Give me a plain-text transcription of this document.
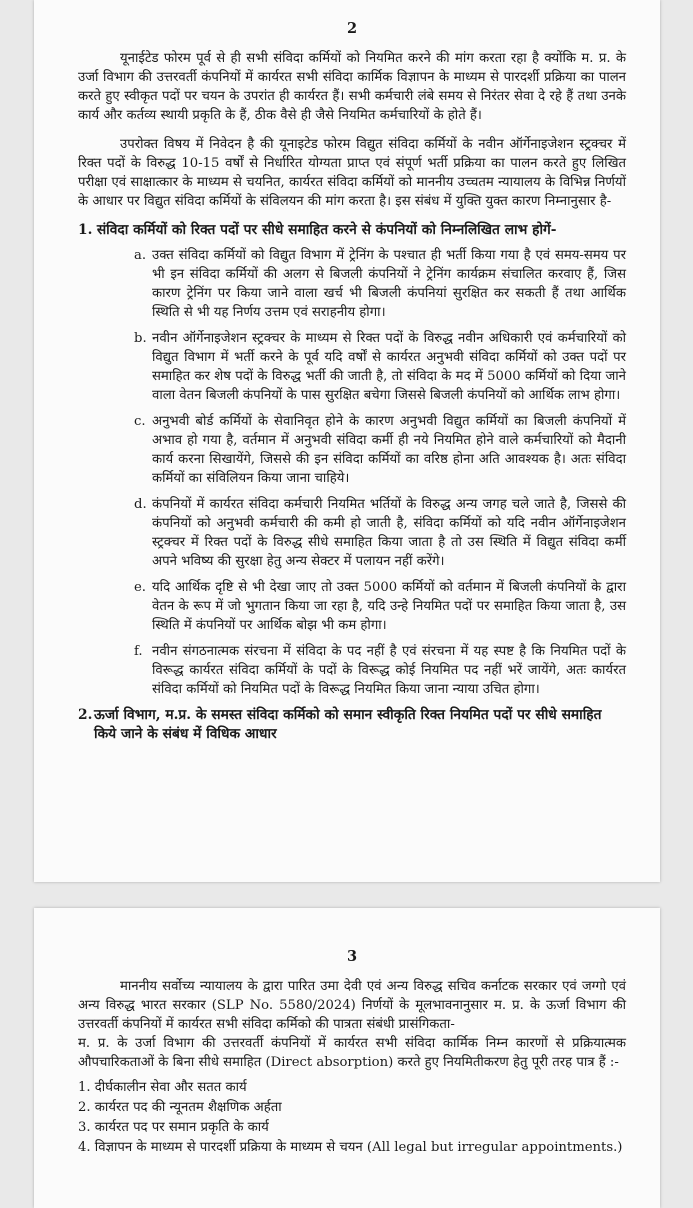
2

यूनाईटेड फोरम पूर्व से ही सभी संविदा कर्मियों को नियमित करने की मांग करता रहा है क्योंकि म. प्र. के उर्जा विभाग की उत्तरवर्ती कंपनियों में कार्यरत सभी संविदा कार्मिक विज्ञापन के माध्यम से पारदर्शी प्रक्रिया का पालन करते हुए स्वीकृत पदों पर चयन के उपरांत ही कार्यरत हैं। सभी कर्मचारी लंबे समय से निरंतर सेवा दे रहे हैं तथा उनके कार्य और कर्तव्य स्थायी प्रकृति के हैं, ठीक वैसे ही जैसे नियमित कर्मचारियों के होते हैं।

उपरोक्त विषय में निवेदन है की यूनाइटेड फोरम विद्युत संविदा कर्मियों के नवीन ऑर्गेनाइजेशन स्ट्रक्चर में रिक्त पदों के विरुद्ध 10-15 वर्षों से निर्धारित योग्यता प्राप्त एवं संपूर्ण भर्ती प्रक्रिया का पालन करते हुए लिखित परीक्षा एवं साक्षात्कार के माध्यम से चयनित, कार्यरत संविदा कर्मियों को माननीय उच्चतम न्यायालय के विभिन्न निर्णयों के आधार पर विद्युत संविदा कर्मियों के संविलयन की मांग करता है। इस संबंध में युक्ति युक्त कारण निम्नानुसार है-

1. संविदा कर्मियों को रिक्त पदों पर सीधे समाहित करने से कंपनियों को निम्नलिखित लाभ होगें-
a. उक्त संविदा कर्मियों को विद्युत विभाग में ट्रेनिंग के पश्चात ही भर्ती किया गया है एवं समय-समय पर भी इन संविदा कर्मियों की अलग से बिजली कंपनियों ने ट्रेनिंग कार्यक्रम संचालित करवाए हैं, जिस कारण ट्रेनिंग पर किया जाने वाला खर्च भी बिजली कंपनियां सुरक्षित कर सकती हैं तथा आर्थिक स्थिति से भी यह निर्णय उत्तम एवं सराहनीय होगा।

b. नवीन ऑर्गेनाइजेशन स्ट्रक्चर के माध्यम से रिक्त पदों के विरुद्ध नवीन अधिकारी एवं कर्मचारियों को विद्युत विभाग में भर्ती करने के पूर्व यदि वर्षों से कार्यरत अनुभवी संविदा कर्मियों को उक्त पदों पर समाहित कर शेष पदों के विरुद्ध भर्ती की जाती है, तो संविदा के मद में 5000 कर्मियों को दिया जाने वाला वेतन बिजली कंपनियों के पास सुरक्षित बचेगा जिससे बिजली कंपनियों को आर्थिक लाभ होगा।

c. अनुभवी बोर्ड कर्मियों के सेवानिवृत होने के कारण अनुभवी विद्युत कर्मियों का बिजली कंपनियों में अभाव हो गया है, वर्तमान में अनुभवी संविदा कर्मी ही नये नियमित होने वाले कर्मचारियों को मैदानी कार्य करना सिखायेंगे, जिससे की इन संविदा कर्मियों का वरिष्ठ होना अति आवश्यक है। अतः संविदा कर्मियों का संविलियन किया जाना चाहिये।

d. कंपनियों में कार्यरत संविदा कर्मचारी नियमित भर्तियों के विरुद्ध अन्य जगह चले जाते है, जिससे की कंपनियों को अनुभवी कर्मचारी की कमी हो जाती है, संविदा कर्मियों को यदि नवीन ऑर्गेनाइजेशन स्ट्रक्चर में रिक्त पदों के विरुद्ध सीधे समाहित किया जाता है तो उस स्थिति में विद्युत संविदा कर्मी अपने भविष्य की सुरक्षा हेतु अन्य सेक्टर में पलायन नहीं करेंगे।

e. यदि आर्थिक दृष्टि से भी देखा जाए तो उक्त 5000 कर्मियों को वर्तमान में बिजली कंपनियों के द्वारा वेतन के रूप में जो भुगतान किया जा रहा है, यदि उन्हे नियमित पदों पर समाहित किया जाता है, उस स्थिति में कंपनियों पर आर्थिक बोझ भी कम होगा।

f. नवीन संगठनात्मक संरचना में संविदा के पद नहीं है एवं संरचना में यह स्पष्ट है कि नियमित पदों के विरूद्ध कार्यरत संविदा कर्मियों के पदों के विरूद्ध कोई नियमित पद नहीं भरें जायेंगे, अतः कार्यरत संविदा कर्मियों को नियमित पदों के विरूद्ध नियमित किया जाना न्याया उचित होगा।

2. ऊर्जा विभाग, म.प्र. के समस्त संविदा कर्मिको को समान स्वीकृति रिक्त नियमित पदों पर सीधे समाहित किये जाने के संबंध में विधिक आधार
3

माननीय सर्वोच्य न्यायालय के द्वारा पारित उमा देवी एवं अन्य विरुद्ध सचिव कर्नाटक सरकार एवं जग्गो एवं अन्य विरुद्ध भारत सरकार (SLP No. 5580/2024) निर्णयों के मूलभावनानुसार म. प्र. के ऊर्जा विभाग की उत्तरवर्ती कंपनियों में कार्यरत सभी संविदा कर्मिको की पात्रता संबंधी प्रासंगिकता-

म. प्र. के उर्जा विभाग की उत्तरवर्ती कंपनियों में कार्यरत सभी संविदा कार्मिक निम्न कारणों से प्रक्रियात्मक औपचारिकताओं के बिना सीधे समाहित (Direct absorption) करते हुए नियमितीकरण हेतु पूरी तरह पात्र हैं :-

1. दीर्घकालीन सेवा और सतत कार्य
2. कार्यरत पद की न्यूनतम शैक्षणिक अर्हता
3. कार्यरत पद पर समान प्रकृति के कार्य
4. विज्ञापन के माध्यम से पारदर्शी प्रक्रिया के माध्यम से चयन (All legal but irregular appointments.)
